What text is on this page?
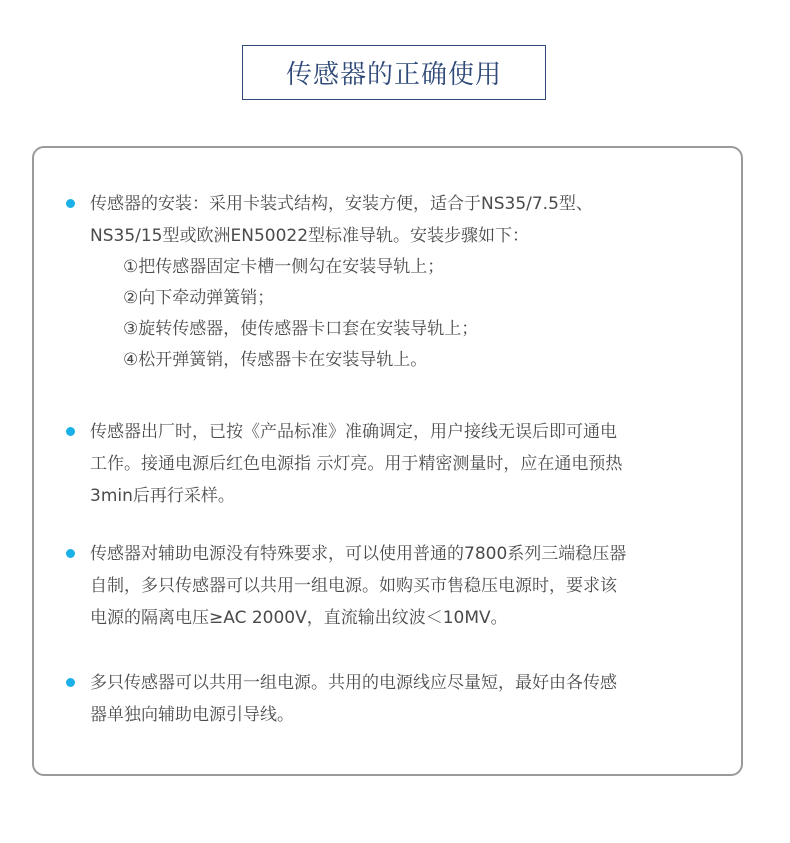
传感器的正确使用
传感器的安装：采用卡装式结构，安装方便，适合于NS35/7.5型、
NS35/15型或欧洲EN50022型标准导轨。安装步骤如下：
①把传感器固定卡槽一侧勾在安装导轨上；
②向下牵动弹簧销；
③旋转传感器，使传感器卡口套在安装导轨上；
④松开弹簧销，传感器卡在安装导轨上。
传感器出厂时，已按《产品标准》准确调定，用户接线无误后即可通电
工作。接通电源后红色电源指 示灯亮。用于精密测量时，应在通电预热
3min后再行采样。
传感器对辅助电源没有特殊要求，可以使用普通的7800系列三端稳压器
自制，多只传感器可以共用一组电源。如购买市售稳压电源时，要求该
电源的隔离电压≥AC 2000V，直流输出纹波＜10MV。
多只传感器可以共用一组电源。共用的电源线应尽量短，最好由各传感
器单独向辅助电源引导线。
